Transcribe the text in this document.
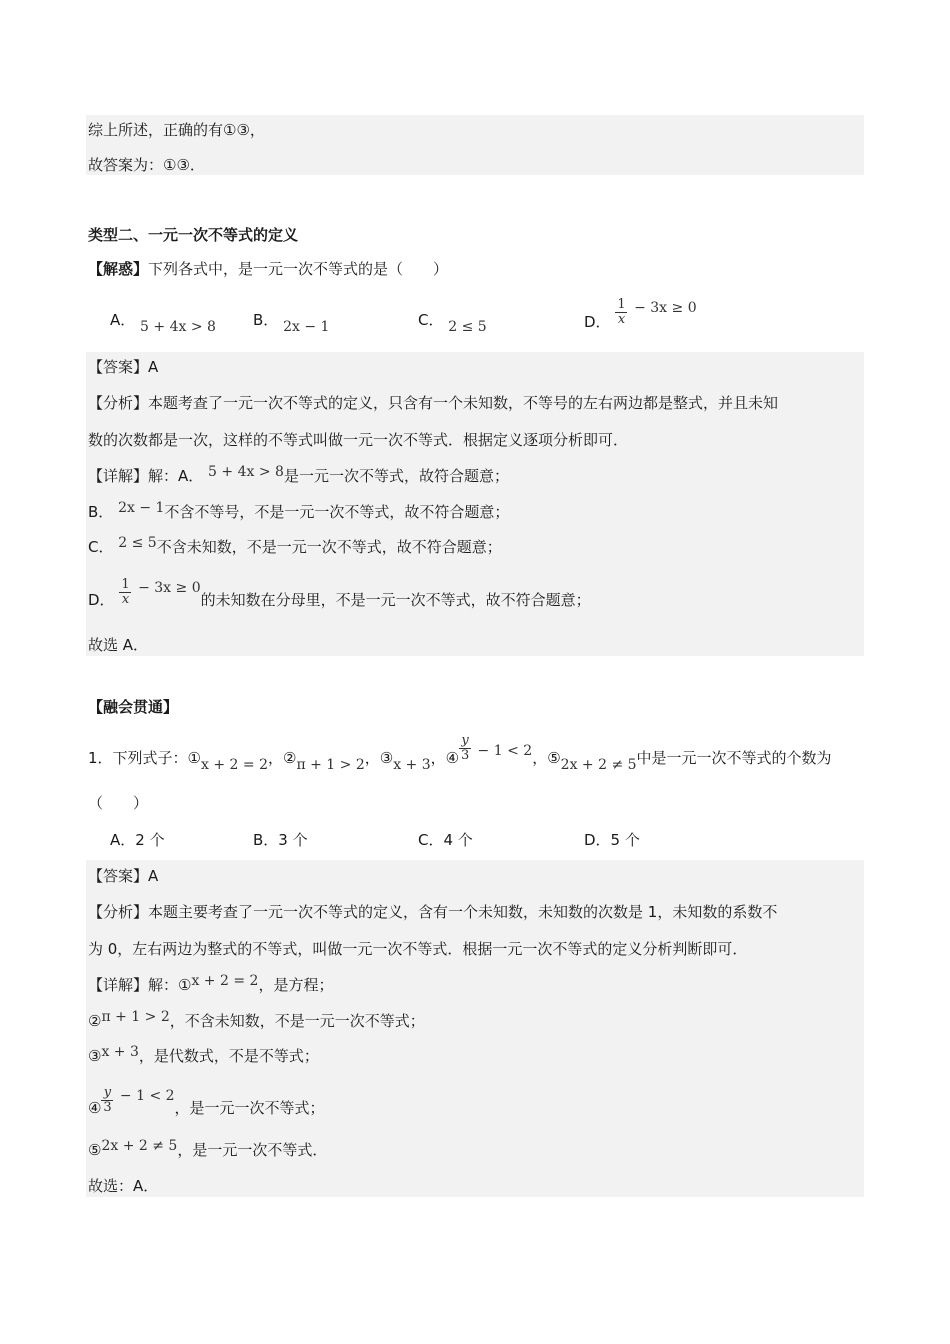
综上所述，正确的有①③，
故答案为：①③．
类型二、一元一次不等式的定义
【解惑】下列各式中，是一元一次不等式的是（　　）
A． 5 + 4x > 8 B． 2x − 1	C． 2 ≤ 5	D． $\frac{1}{x} - 3x \ge 0$
【答案】A
【分析】本题考查了一元一次不等式的定义，只含有一个未知数，不等号的左右两边都是整式，并且未知
数的次数都是一次，这样的不等式叫做一元一次不等式．根据定义逐项分析即可．
【详解】解：A． 5 + 4x > 8是一元一次不等式，故符合题意；
B． 2x − 1不含不等号，不是一元一次不等式，故不符合题意；
C． 2 ≤ 5不含未知数，不是一元一次不等式，故不符合题意；
D． $\frac{1}{x} - 3x \ge 0$的未知数在分母里，不是一元一次不等式，故不符合题意；
故选 A．
【融会贯通】
1．下列式子：①x + 2 = 2，②π + 1 > 2，③x + 3，④ $\frac{y}{3} - 1 < 2$，⑤2x + 2 ≠ 5中是一元一次不等式的个数为
（　　）
A．2 个	B．3 个	C．4 个	D．5 个
【答案】A
【分析】本题主要考查了一元一次不等式的定义，含有一个未知数，未知数的次数是 1，未知数的系数不
为 0，左右两边为整式的不等式，叫做一元一次不等式．根据一元一次不等式的定义分析判断即可．
【详解】解：①x + 2 = 2，是方程；
②π + 1 > 2，不含未知数，不是一元一次不等式；
③x + 3，是代数式，不是不等式；
④ $\frac{y}{3} - 1 < 2$，是一元一次不等式；
⑤2x + 2 ≠ 5，是一元一次不等式．
故选：A．
